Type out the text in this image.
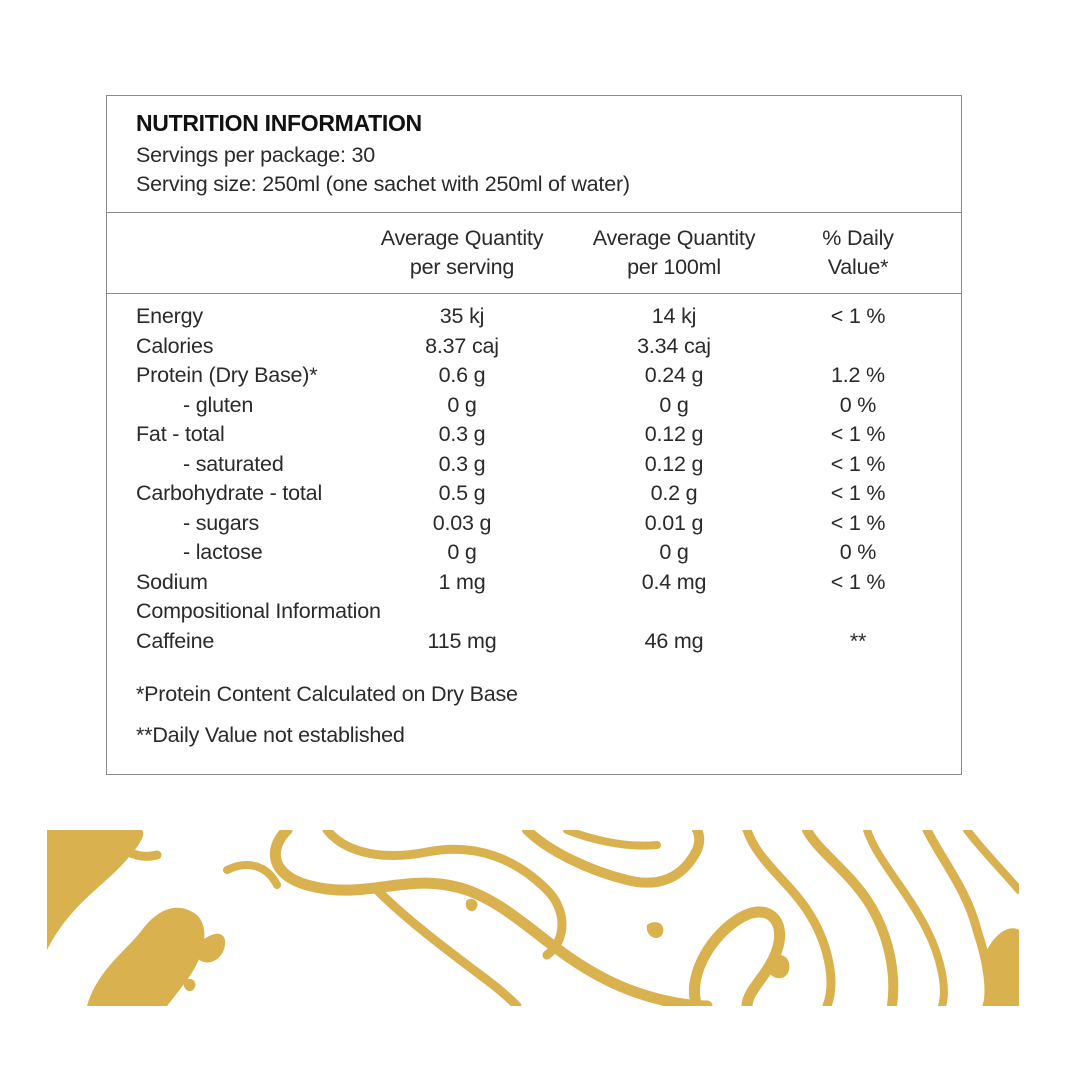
NUTRITION INFORMATION
Servings per package: 30
Serving size: 250ml (one sachet with 250ml of water)
Average Quantity
per serving
Average Quantity
per 100ml
% Daily
Value*
Energy	35 kj	14 kj	< 1 %
Calories	8.37 caj	3.34 caj
Protein (Dry Base)*	0.6 g	0.24 g	1.2 %
- gluten	0 g	0 g	0 %
Fat - total	0.3 g	0.12 g	< 1 %
- saturated	0.3 g	0.12 g	< 1 %
Carbohydrate - total	0.5 g	0.2 g	< 1 %
- sugars	0.03 g	0.01 g	< 1 %
- lactose	0 g	0 g	0 %
Sodium	1 mg	0.4 mg	< 1 %
Compositional Information
Caffeine	115 mg	46 mg	**
*Protein Content Calculated on Dry Base
**Daily Value not established
